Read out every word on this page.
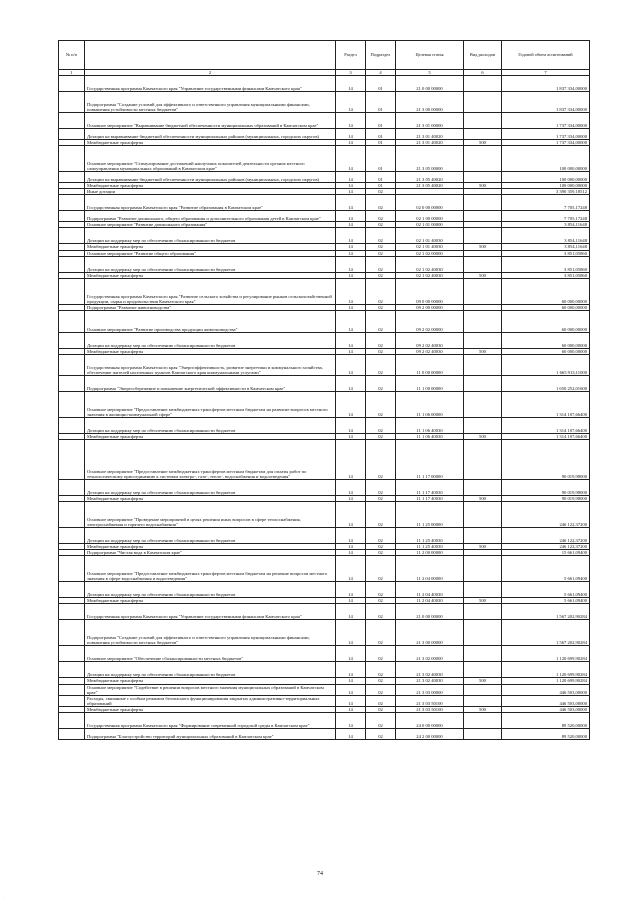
№ п/п		Раздел	Подраздел	Целевая статья	Вид расходов	Годовой объем ассигнований
1	2	3	4	5	6	7
	Государственная программа Камчатского края "Управление государственными финансами Камчатского края"	14	01	21 0 00 00000		1 837 334,00000
	Подпрограмма "Создание условий для эффективного и ответственного управления муниципальными финансами, повышения устойчивости местных бюджетов"	14	01	21 3 00 00000		1 837 334,00000
	Основное мероприятие "Выравнивание бюджетной обеспеченности муниципальных образований в Камчатском крае"	14	01	21 3 01 00000		1 737 334,00000
	Дотации на выравнивание бюджетной обеспеченности муниципальных районов (муниципальных, городских округов)	14	01	21 3 01 40020		1 737 334,00000
	Межбюджетные трансферты	14	01	21 3 01 40020	500	1 737 334,00000
	Основное мероприятие "Стимулирование достижений наилучших показателей деятельности органов местного самоуправления муниципальных образований в Камчатском крае"	14	01	21 3 05 00000		100 000,00000
	Дотации на выравнивание бюджетной обеспеченности муниципальных районов (муниципальных, городских округов)	14	01	21 3 05 40020		100 000,00000
	Межбюджетные трансферты	14	01	21 3 05 40020	500	100 000,00000
	Иные дотации	14	02			3 390 359,18512
	Государственная программа Камчатского края "Развитие образования в Камчатском крае"	14	02	02 0 00 00000		7 705,17248
	Подпрограмма "Развитие дошкольного, общего образования и дополнительного образования детей в Камчатском крае"	14	02	02 1 00 00000		7 705,17248
	Основное мероприятие "Развитие дошкольного образования"	14	02	02 1 01 00000		3 854,11648
	Дотации на поддержку мер по обеспечению сбалансированности бюджетов	14	02	02 1 01 40030		3 854,11648
	Межбюджетные трансферты	14	02	02 1 01 40030	500	3 854,11648
	Основное мероприятие "Развитие общего образования"	14	02	02 1 02 00000		3 851,05860
	Дотации на поддержку мер по обеспечению сбалансированности бюджетов	14	02	02 1 02 40030		3 851,05860
	Межбюджетные трансферты	14	02	02 1 02 40030	500	3 851,05860
	Государственная программа Камчатского края "Развитие сельского хозяйства и регулирование рынков сельскохозяйственной продукции, сырья и продовольствия Камчатского края"	14	02	09 0 00 00000		60 000,00000
	Подпрограмма "Развитие животноводства"	14	02	09 2 00 00000		60 000,00000
	Основное мероприятие "Развитие производства продукции животноводства"	14	02	09 2 02 00000		60 000,00000
	Дотации на поддержку мер по обеспечению сбалансированности бюджетов	14	02	09 2 02 40030		60 000,00000
	Межбюджетные трансферты	14	02	09 2 02 40030	500	60 000,00000
	Государственная программа Камчатского края "Энергоэффективность, развитие энергетики и коммунального хозяйства, обеспечение жителей населенных пунктов Камчатского края коммунальными услугами"	14	02	11 0 00 00000		1 665 913,11000
	Подпрограмма "Энергосбережение и повышение энергетической эффективности в Камчатском крае"	14	02	11 1 00 00000		1 650 252,01600
	Основное мероприятие "Предоставление межбюджетных трансфертов местным бюджетам на развитие вопросов местного значения в жилищно-коммунальной сфере"	14	02	11 1 06 00000		1 314 107,66400
	Дотации на поддержку мер по обеспечению сбалансированности бюджетов	14	02	11 1 06 40030		1 314 107,66400
	Межбюджетные трансферты	14	02	11 1 06 40030	500	1 314 107,66400
	Основное мероприятие "Предоставление межбюджетных трансфертов местным бюджетам для оплаты работ по технологическому присоединению к системам электро-, газо-, тепло-, водоснабжения и водоотведения"	14	02	11 1 17 00000		90 019,98000
	Дотации на поддержку мер по обеспечению сбалансированности бюджетов	14	02	11 1 17 40030		90 019,98000
	Межбюджетные трансферты	14	02	11 1 17 40030	500	90 019,98000
	Основное мероприятие "Проведение мероприятий в целях решения иных вопросов в сфере теплоснабжения, электроснабжения и горячего водоснабжения"	14	02	11 1 25 00000		246 122,37200
	Дотации на поддержку мер по обеспечению сбалансированности бюджетов	14	02	11 1 25 40030		246 122,37200
	Межбюджетные трансферты	14	02	11 1 25 40030	500	246 122,37200
	Подпрограмма "Чистая вода в Камчатском крае"	14	02	11 2 00 00000		15 661,09400
	Основное мероприятие "Предоставление межбюджетных трансфертов местным бюджетам на решение вопросов местного значения в сфере водоснабжения и водоотведения"	14	02	11 2 04 00000		5 661,09400
	Дотации на поддержку мер по обеспечению сбалансированности бюджетов	14	02	11 2 04 40030		5 661,09400
	Межбюджетные трансферты	14	02	11 2 04 40030	500	5 661,09400
	Государственная программа Камчатского края "Управление государственными финансами Камчатского края"	14	02	21 0 00 00000		1 567 202,90284
	Подпрограмма "Создание условий для эффективного и ответственного управления муниципальными финансами, повышения устойчивости местных бюджетов"	14	02	21 3 00 00000		1 567 202,90284
	Основное мероприятие "Обеспечение сбалансированности местных бюджетов"	14	02	21 3 02 00000		1 120 699,90284
	Дотации на поддержку мер по обеспечению сбалансированности бюджетов	14	02	21 3 02 40030		1 120 699,90284
	Межбюджетные трансферты	14	02	21 3 02 40030	500	1 120 699,90284
	Основное мероприятие "Содействие в решении вопросов местного значения муниципальных образований в Камчатском крае"	14	02	21 3 03 00000		446 503,00000
	Расходы, связанные с особым режимом безопасного функционирования закрытых административно-территориальных образований	14	02	21 3 03 50100		446 503,00000
	Межбюджетные трансферты	14	02	21 3 03 50100	500	446 503,00000
	Государственная программа Камчатского края "Формирование современной городской среды в Камчатском крае"	14	02	24 0 00 00000		89 520,00000
	Подпрограмма "Благоустройство территорий муниципальных образований в Камчатском крае"	14	02	24 2 00 00000		89 520,00000
74
·
